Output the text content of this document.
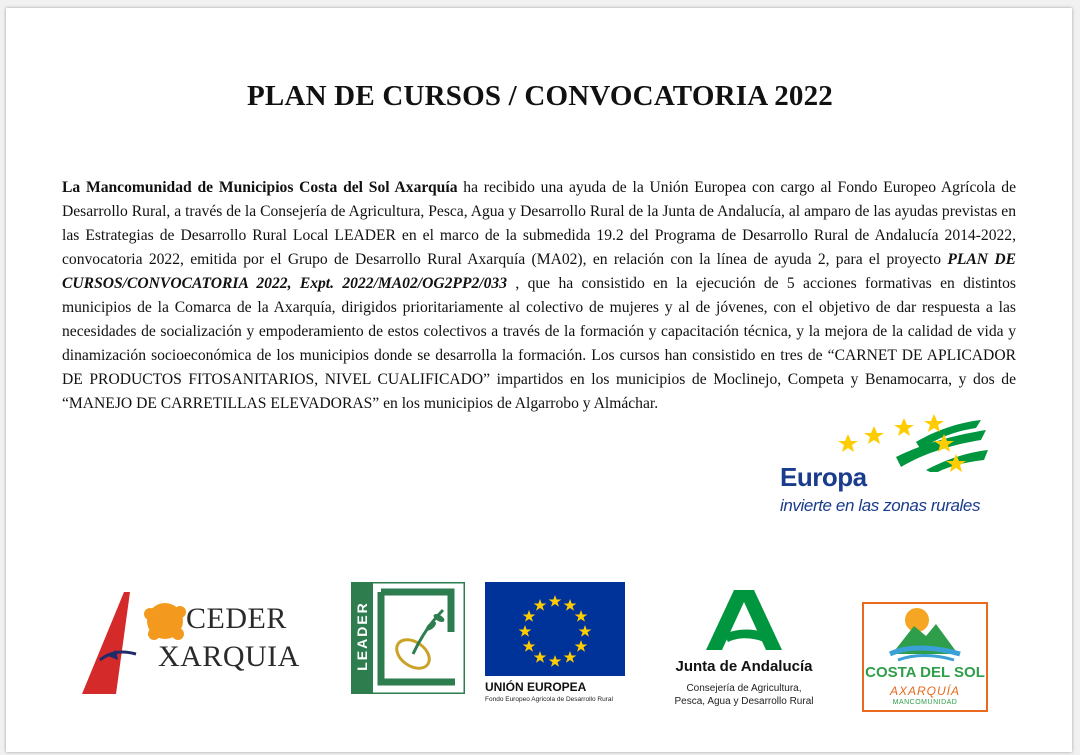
PLAN DE CURSOS / CONVOCATORIA 2022

La Mancomunidad de Municipios Costa del Sol Axarquía ha recibido una ayuda de la Unión Europea con cargo al Fondo Europeo Agrícola de Desarrollo Rural, a través de la Consejería de Agricultura, Pesca, Agua y Desarrollo Rural de la Junta de Andalucía, al amparo de las ayudas previstas en las Estrategias de Desarrollo Rural Local LEADER en el marco de la submedida 19.2 del Programa de Desarrollo Rural de Andalucía 2014-2022, convocatoria 2022, emitida por el Grupo de Desarrollo Rural Axarquía (MA02), en relación con la línea de ayuda 2, para el proyecto PLAN DE CURSOS/CONVOCATORIA 2022, Expt. 2022/MA02/OG2PP2/033 , que ha consistido en la ejecución de 5 acciones formativas en distintos municipios de la Comarca de la Axarquía, dirigidos prioritariamente al colectivo de mujeres y al de jóvenes, con el objetivo de dar respuesta a las necesidades de socialización y empoderamiento de estos colectivos a través de la formación y capacitación técnica, y la mejora de la calidad de vida y dinamización socioeconómica de los municipios donde se desarrolla la formación. Los cursos han consistido en tres de “CARNET DE APLICADOR DE PRODUCTOS FITOSANITARIOS, NIVEL CUALIFICADO” impartidos en los municipios de Moclinejo, Competa y Benamocarra, y dos de “MANEJO DE CARRETILLAS ELEVADORAS” en los municipios de Algarrobo y Almáchar.

Europa
invierte en las zonas rurales
CEDER
XARQUIA	LEADER
UNIÓN EUROPEA
Fondo Europeo Agrícola de Desarrollo Rural
Junta de Andalucía
Consejería de Agricultura,
Pesca, Agua y Desarrollo Rural
COSTA DEL SOL
AXARQUÍA
MANCOMUNIDAD
